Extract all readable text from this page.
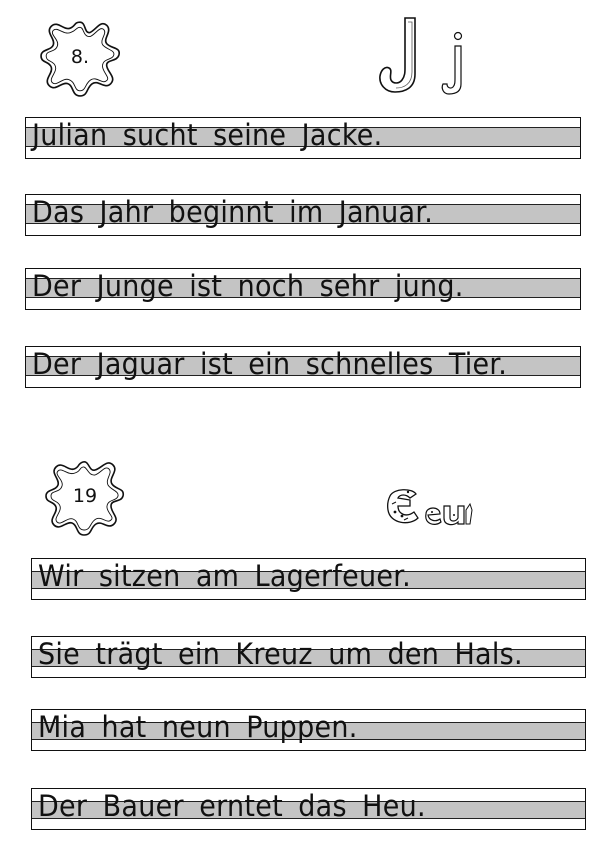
8.
Julian sucht seine Jacke.
Das Jahr beginnt im Januar.
Der Junge ist noch sehr jung.
Der Jaguar ist ein schnelles Tier.
19
Wir sitzen am Lagerfeuer.
Sie trägt ein Kreuz um den Hals.
Mia hat neun Puppen.
Der Bauer erntet das Heu.
